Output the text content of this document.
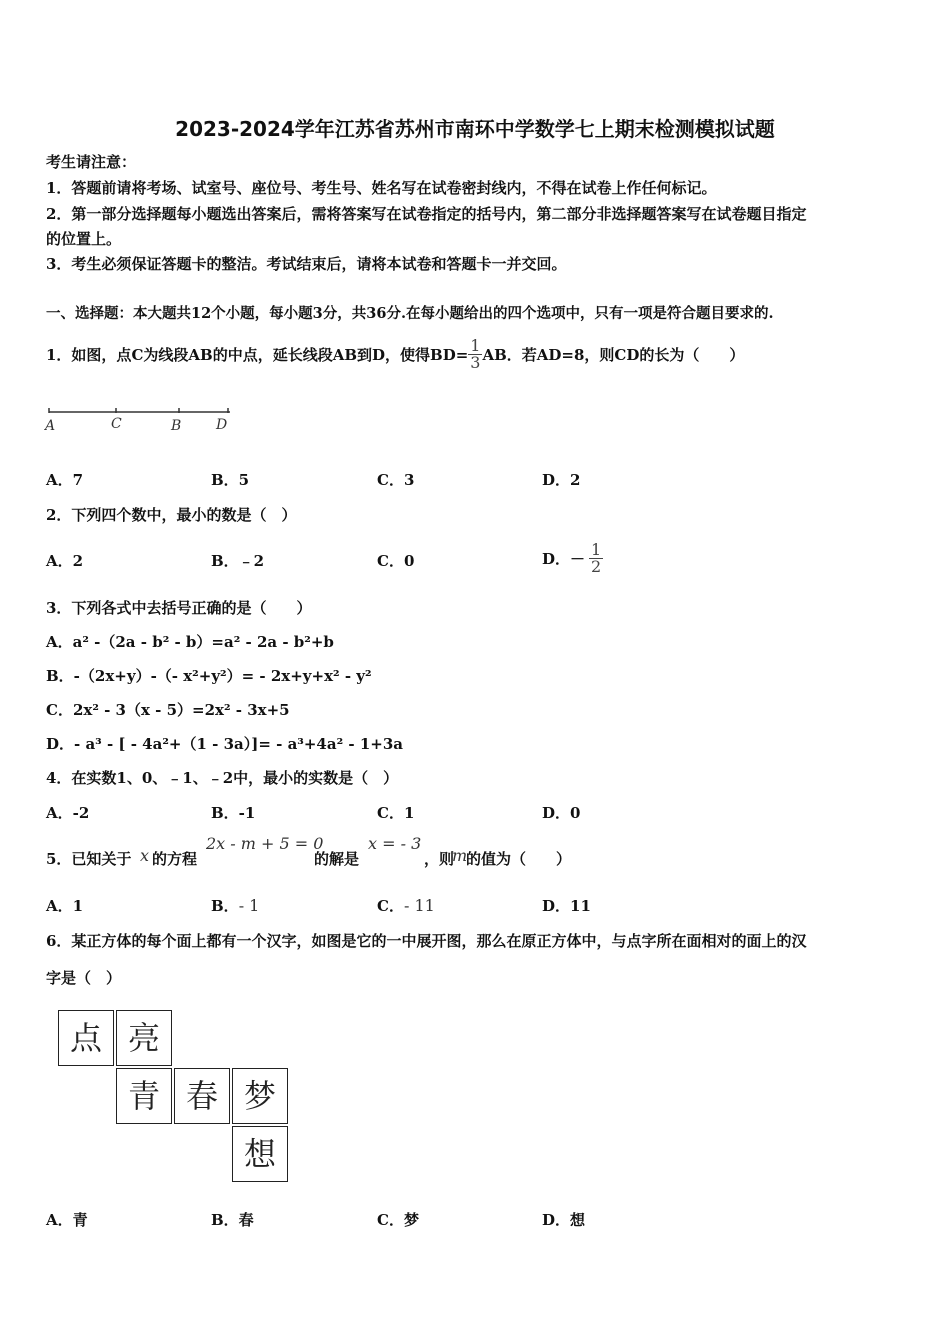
2023-2024学年江苏省苏州市南环中学数学七上期末检测模拟试题
考生请注意：
1．答题前请将考场、试室号、座位号、考生号、姓名写在试卷密封线内，不得在试卷上作任何标记。
2．第一部分选择题每小题选出答案后，需将答案写在试卷指定的括号内，第二部分非选择题答案写在试卷题目指定
的位置上。
3．考生必须保证答题卡的整洁。考试结束后，请将本试卷和答题卡一并交回。
一、选择题：本大题共12个小题，每小题3分，共36分.在每小题给出的四个选项中，只有一项是符合题目要求的.
1．如图，点C为线段AB的中点，延长线段AB到D，使得$BD= \frac{1}{3}$ AB．若AD=8，则CD的长为（　　）
A	C	B D
A．7	B．5	C．3	D．2
2．下列四个数中，最小的数是（　）
A．2	B．﹣2	C．0	D．－ $\frac{1}{2}$
3．下列各式中去括号正确的是（　　）
A．a² -（2a - b² - b）=a² - 2a - b²+b
B．-（2x+y）-（- x²+y²）= - 2x+y+x² - y²
C．2x² - 3（x - 5）=2x² - 3x+5
D．- a³ - [ - 4a²+（1 - 3a）]= - a³+4a² - 1+3a
4．在实数1、0、﹣1、﹣2中，最小的实数是（　）
A．-2	B．-1	C．1	D．0
5．已知关于 x 的方程
2x - m + 5 = 0
的解是
x = - 3
，则
m
的值为（　　）
A．1	B．- 1	C．- 11	D．11
6．某正方体的每个面上都有一个汉字，如图是它的一中展开图，那么在原正方体中，与点字所在面相对的面上的汉
字是（　）
点 亮
青 春 梦
想
A．青	B．春	C．梦	D．想
